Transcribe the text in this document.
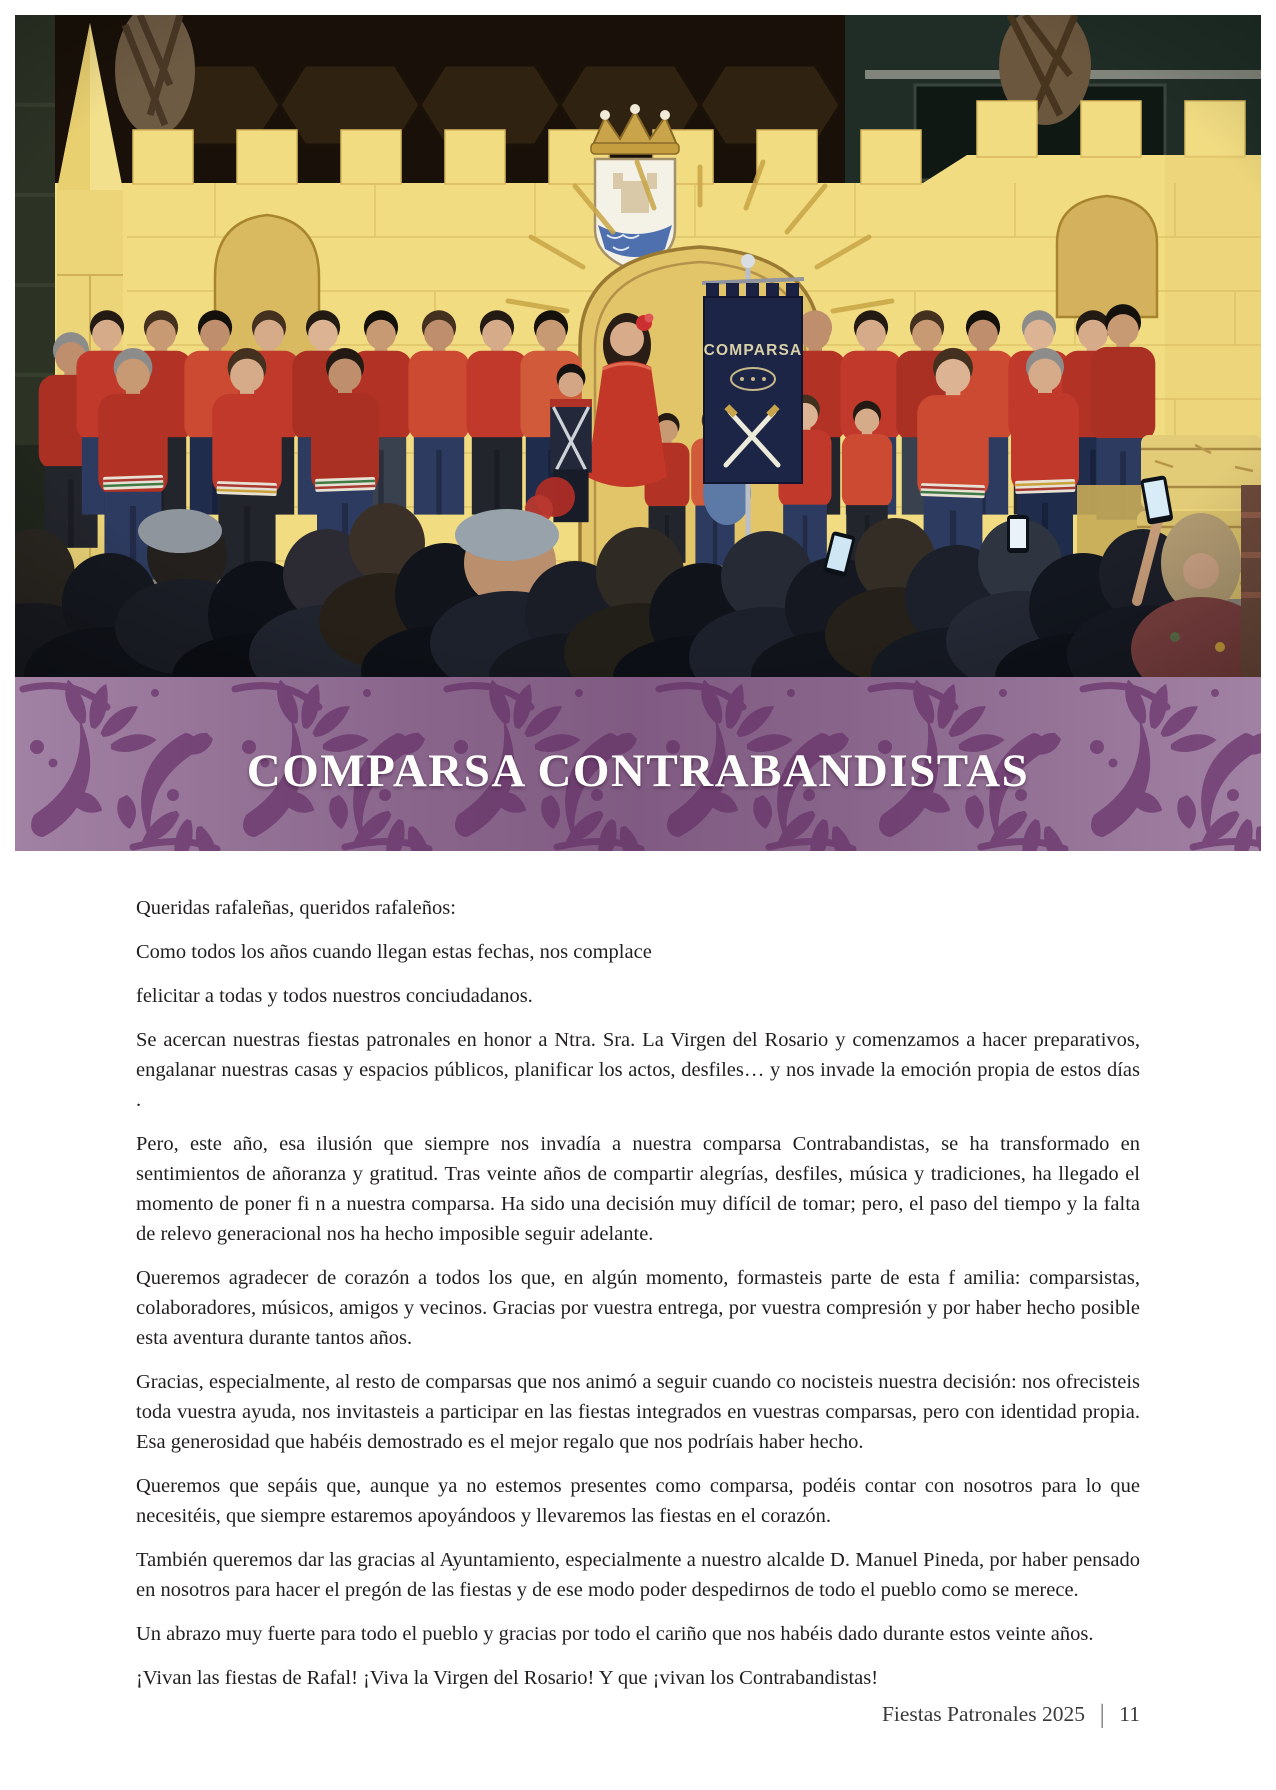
COMPARSA CONTRABANDISTAS

Queridas rafaleñas, queridos rafaleños:

Como todos los años cuando llegan estas fechas, nos complace

felicitar a todas y todos nuestros conciudadanos.

Se acercan nuestras fiestas patronales en honor a Ntra. Sra. La Virgen del Rosario y comenzamos a hacer preparativos, engalanar nuestras casas y espacios públicos, planificar los actos, desfiles… y nos invade la emoción propia de estos días .

Pero, este año, esa ilusión que siempre nos invadía a nuestra comparsa Contrabandistas, se ha transformado en sentimientos de añoranza y gratitud. Tras veinte años de compartir alegrías, desfiles, música y tradiciones, ha llegado el momento de poner fi n a nuestra comparsa. Ha sido una decisión muy difícil de tomar; pero, el paso del tiempo y la falta de relevo generacional nos ha hecho imposible seguir adelante.

Queremos agradecer de corazón a todos los que, en algún momento, formasteis parte de esta f amilia: comparsistas, colaboradores, músicos, amigos y vecinos. Gracias por vuestra entrega, por vuestra compresión y por haber hecho posible esta aventura durante tantos años.

Gracias, especialmente, al resto de comparsas que nos animó a seguir cuando co nocisteis nuestra decisión: nos ofrecisteis toda vuestra ayuda, nos invitasteis a participar en las fiestas integrados en vuestras comparsas, pero con identidad propia. Esa generosidad que habéis demostrado es el mejor regalo que nos podríais haber hecho.

Queremos que sepáis que, aunque ya no estemos presentes como comparsa, podéis contar con nosotros para lo que necesitéis, que siempre estaremos apoyándoos y llevaremos las fiestas en el corazón.

También queremos dar las gracias al Ayuntamiento, especialmente a nuestro alcalde D. Manuel Pineda, por haber pensado en nosotros para hacer el pregón de las fiestas y de ese modo poder despedirnos de todo el pueblo como se merece.

Un abrazo muy fuerte para todo el pueblo y gracias por todo el cariño que nos habéis dado durante estos veinte años.

¡Vivan las fiestas de Rafal! ¡Viva la Virgen del Rosario! Y que ¡vivan los Contrabandistas!

Fiestas Patronales 2025 | 11
